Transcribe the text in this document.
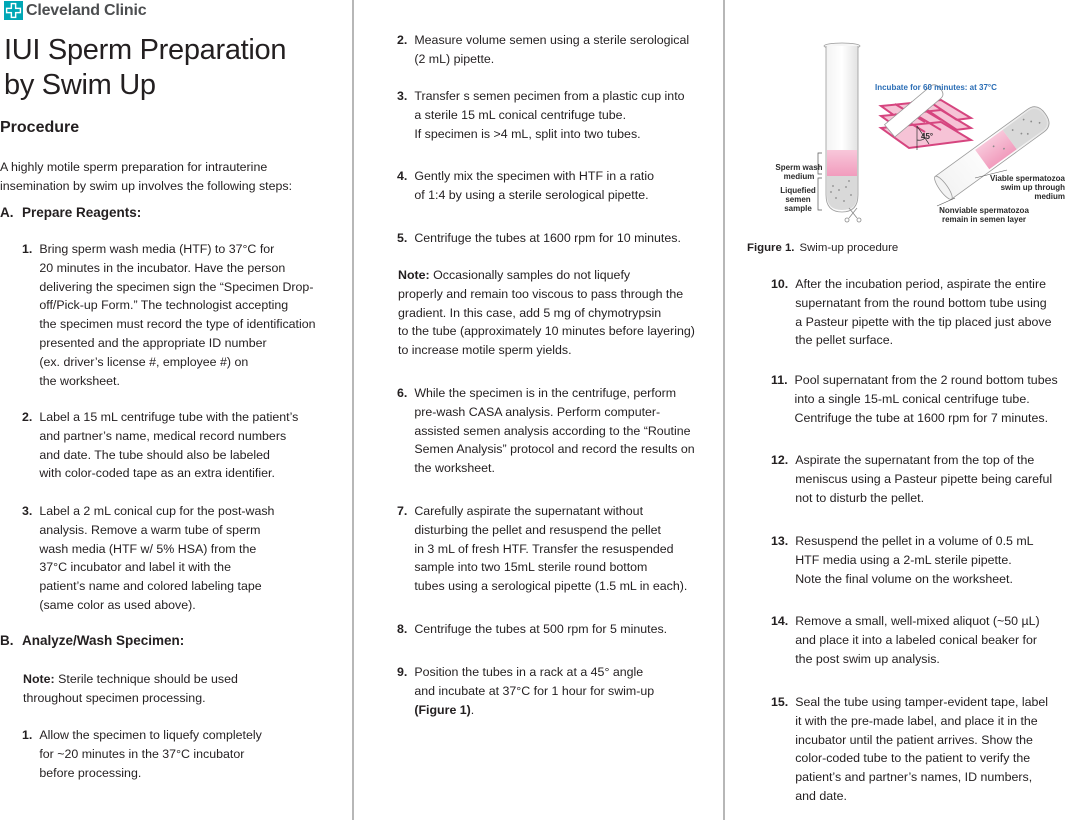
Cleveland Clinic
IUI Sperm Preparation
by Swim Up
Procedure
A highly motile sperm preparation for intrauterine
insemination by swim up involves the following steps:
A. Prepare Reagents:
1. Bring sperm wash media (HTF) to 37°C for
20 minutes in the incubator. Have the person
delivering the specimen sign the “Specimen Drop-
off/Pick-up Form.” The technologist accepting
the specimen must record the type of identification
presented and the appropriate ID number
(ex. driver’s license #, employee #) on
the worksheet.
2. Label a 15 mL centrifuge tube with the patient’s
and partner’s name, medical record numbers
and date. The tube should also be labeled
with color-coded tape as an extra identifier.
3. Label a 2 mL conical cup for the post-wash
analysis. Remove a warm tube of sperm
wash media (HTF w/ 5% HSA) from the
37°C incubator and label it with the
patient’s name and colored labeling tape
(same color as used above).
B. Analyze/Wash Specimen:
Note: Sterile technique should be used
throughout specimen processing.
1. Allow the specimen to liquefy completely
for ~20 minutes in the 37°C incubator
before processing.
2. Measure volume semen using a sterile serological
(2 mL) pipette.
3. Transfer s semen pecimen from a plastic cup into
a sterile 15 mL conical centrifuge tube.
If specimen is >4 mL, split into two tubes.
4. Gently mix the specimen with HTF in a ratio
of 1:4 by using a sterile serological pipette.
5. Centrifuge the tubes at 1600 rpm for 10 minutes.
Note: Occasionally samples do not liquefy
properly and remain too viscous to pass through the
gradient. In this case, add 5 mg of chymotrypsin
to the tube (approximately 10 minutes before layering)
to increase motile sperm yields.
6. While the specimen is in the centrifuge, perform
pre-wash CASA analysis. Perform computer-
assisted semen analysis according to the “Routine
Semen Analysis” protocol and record the results on
the worksheet.
7. Carefully aspirate the supernatant without
disturbing the pellet and resuspend the pellet
in 3 mL of fresh HTF. Transfer the resuspended
sample into two 15mL sterile round bottom
tubes using a serological pipette (1.5 mL in each).
8. Centrifuge the tubes at 500 rpm for 5 minutes.
9. Position the tubes in a rack at a 45° angle
and incubate at 37°C for 1 hour for swim-up
(Figure 1).
Incubate for 60 minutes: at 37°C
45°
Sperm wash
medium
Liquefied
semen
sample
Viable spermatozoa
swim up through medium
Nonviable spermatozoa
remain in semen layer
Figure 1. Swim-up procedure
10. After the incubation period, aspirate the entire
supernatant from the round bottom tube using
a Pasteur pipette with the tip placed just above
the pellet surface.
11. Pool supernatant from the 2 round bottom tubes
into a single 15-mL conical centrifuge tube.
Centrifuge the tube at 1600 rpm for 7 minutes.
12. Aspirate the supernatant from the top of the
meniscus using a Pasteur pipette being careful
not to disturb the pellet.
13. Resuspend the pellet in a volume of 0.5 mL
HTF media using a 2-mL sterile pipette.
Note the final volume on the worksheet.
14. Remove a small, well-mixed aliquot (~50 µL)
and place it into a labeled conical beaker for
the post swim up analysis.
15. Seal the tube using tamper-evident tape, label
it with the pre-made label, and place it in the
incubator until the patient arrives. Show the
color-coded tube to the patient to verify the
patient’s and partner’s names, ID numbers,
and date.
